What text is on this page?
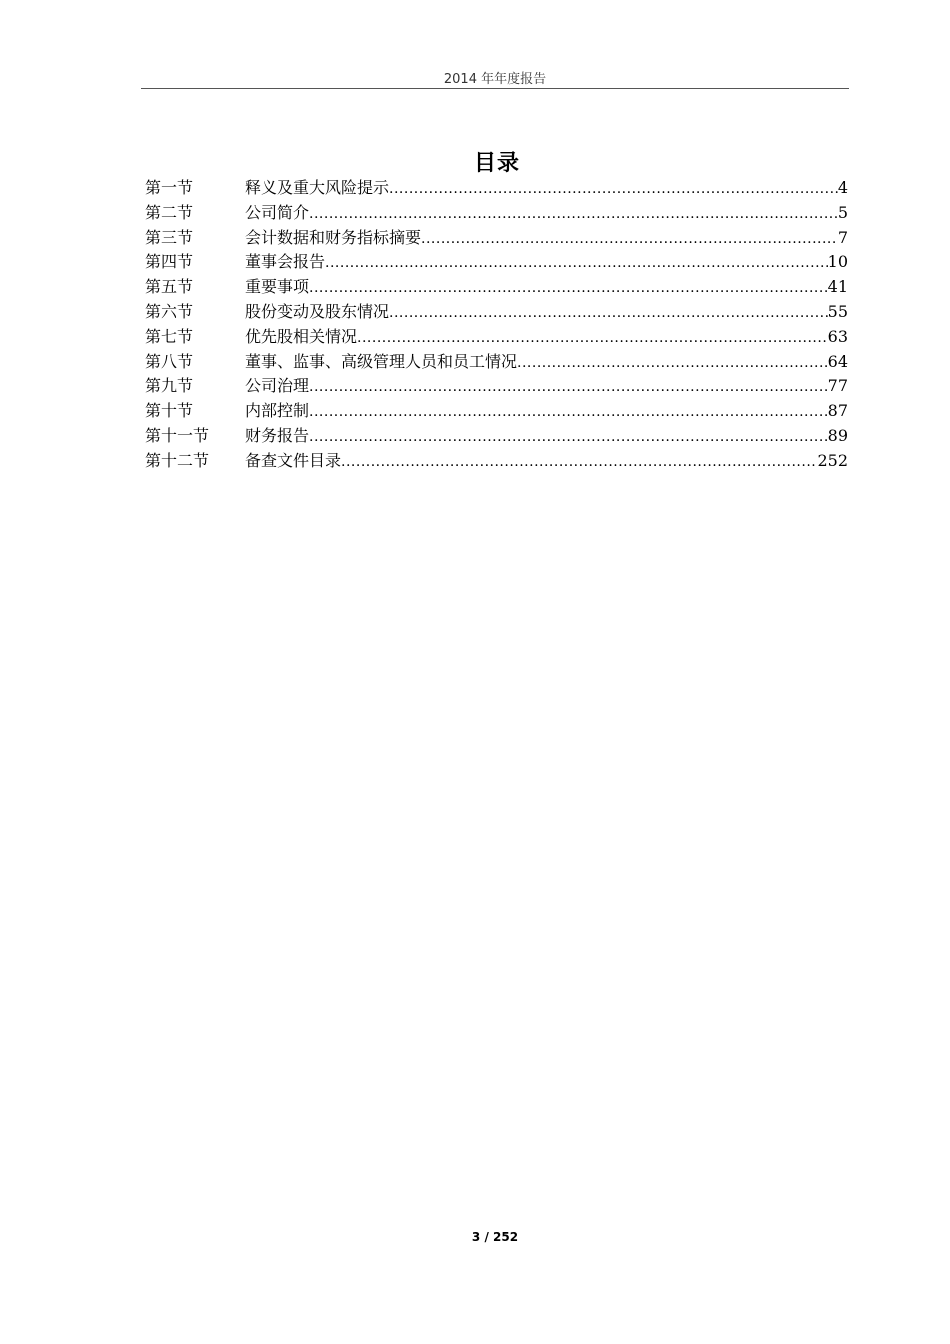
2014 年年度报告
目录
第一节	释义及重大风险提示 .....	4
第二节	公司简介 .....	5
第三节	会计数据和财务指标摘要 .....	7
第四节	董事会报告 .....	10
第五节	重要事项 .....	41
第六节	股份变动及股东情况 .....	55
第七节	优先股相关情况 .....	63
第八节	董事、监事、高级管理人员和员工情况 .....	64
第九节	公司治理 .....	77
第十节	内部控制 .....	87
第十一节	财务报告 .....	89
第十二节	备查文件目录 .....	252
3 / 252
